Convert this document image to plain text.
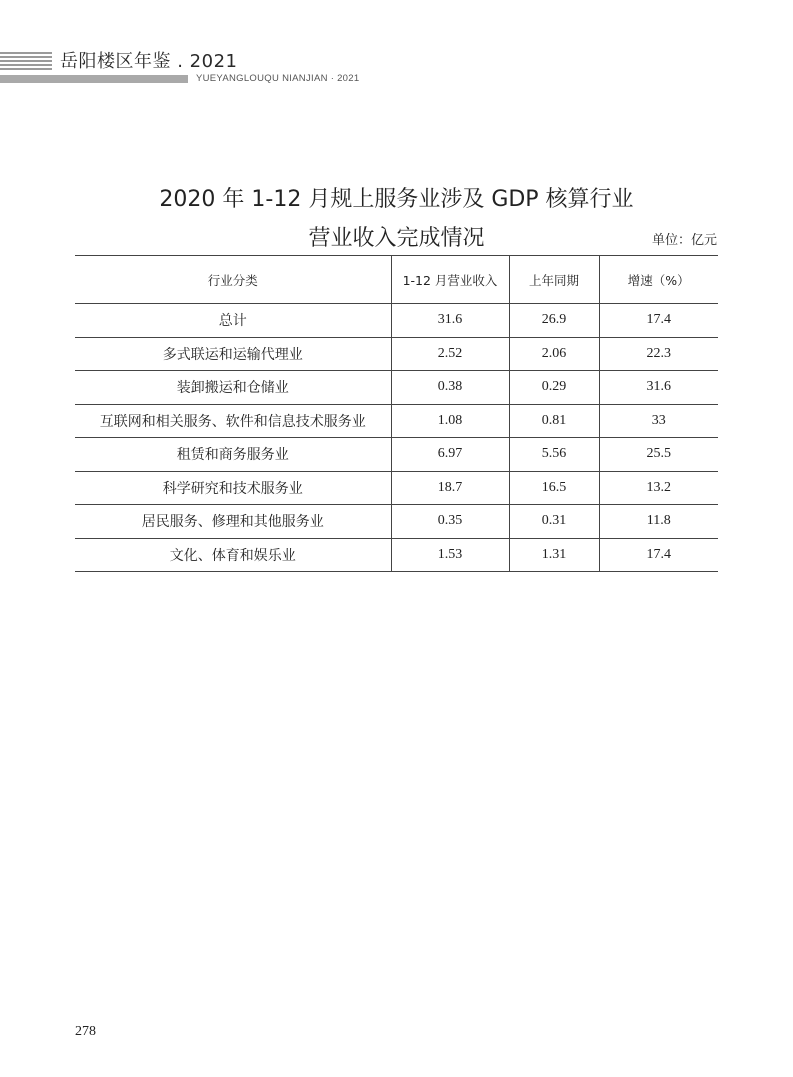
岳阳楼区年鉴 . 2021
YUEYANGLOUQU NIANJIAN · 2021
2020 年 1-12 月规上服务业涉及 GDP 核算行业
营业收入完成情况	单位：亿元
行业分类	1-12 月营业收入	上年同期	增速（%）
总计	31.6	26.9	17.4
多式联运和运输代理业	2.52	2.06	22.3
装卸搬运和仓储业	0.38	0.29	31.6
互联网和相关服务、软件和信息技术服务业	1.08	0.81	33
租赁和商务服务业	6.97	5.56	25.5
科学研究和技术服务业	18.7	16.5	13.2
居民服务、修理和其他服务业	0.35	0.31	11.8
文化、体育和娱乐业	1.53	1.31	17.4
278
